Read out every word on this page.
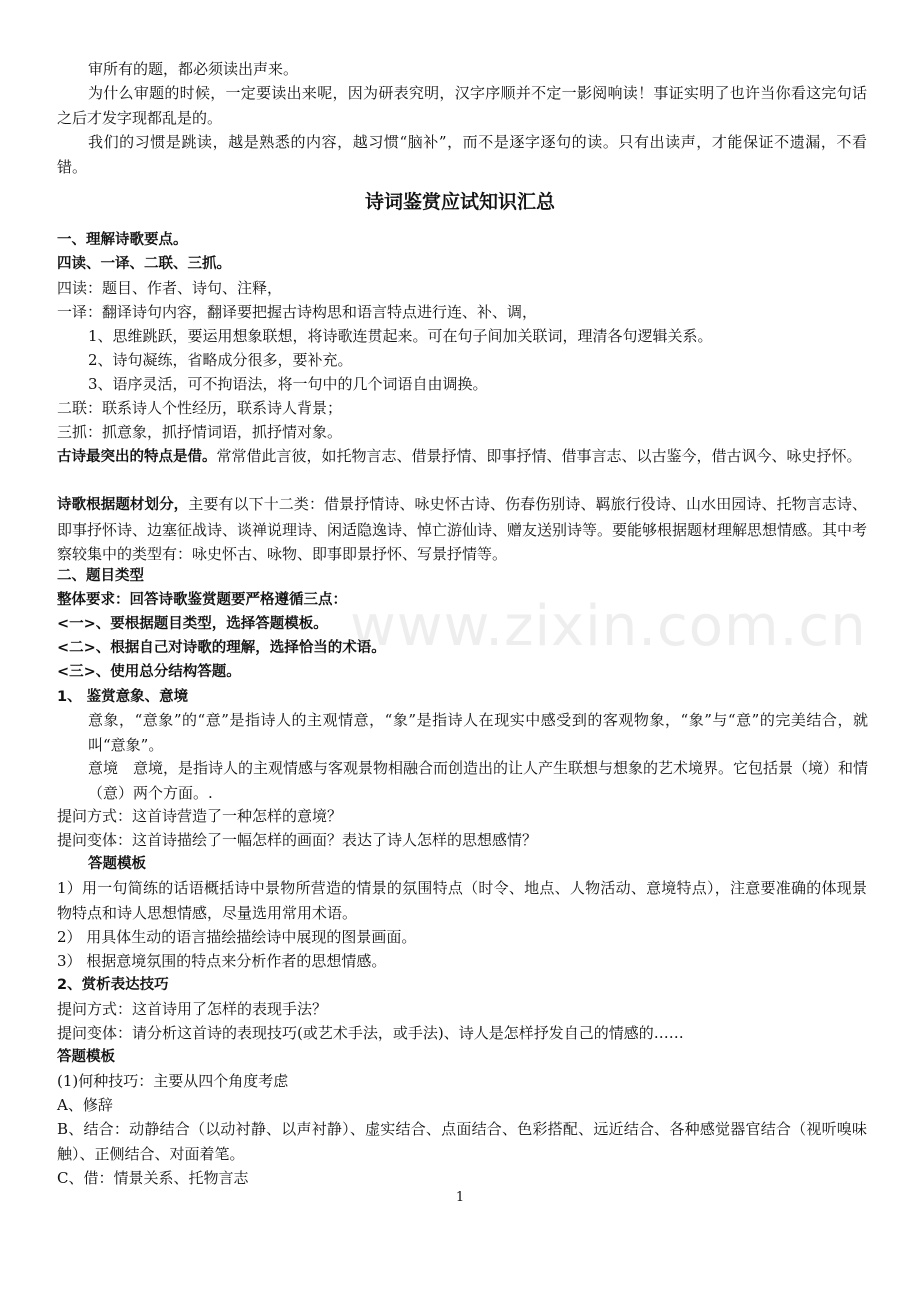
审所有的题，都必须读出声来。
为什么审题的时候，一定要读出来呢，因为研表究明，汉字序顺并不定一影阅响读！事证实明了也许当你看这完句话之后才发字现都乱是的。
我们的习惯是跳读，越是熟悉的内容，越习惯“脑补”，而不是逐字逐句的读。只有出读声，才能保证不遗漏，不看错。
诗词鉴赏应试知识汇总
一、理解诗歌要点。
四读、一译、二联、三抓。
四读：题目、作者、诗句、注释，
一译：翻译诗句内容，翻译要把握古诗构思和语言特点进行连、补、调，
1、思维跳跃，要运用想象联想，将诗歌连贯起来。可在句子间加关联词，理清各句逻辑关系。
2、诗句凝练，省略成分很多，要补充。
3、语序灵活，可不拘语法，将一句中的几个词语自由调换。
二联：联系诗人个性经历，联系诗人背景；
三抓：抓意象，抓抒情词语，抓抒情对象。
古诗最突出的特点是借。常常借此言彼，如托物言志、借景抒情、即事抒情、借事言志、以古鉴今，借古讽今、咏史抒怀。
诗歌根据题材划分，主要有以下十二类：借景抒情诗、咏史怀古诗、伤春伤别诗、羁旅行役诗、山水田园诗、托物言志诗、即事抒怀诗、边塞征战诗、谈禅说理诗、闲适隐逸诗、悼亡游仙诗、赠友送别诗等。要能够根据题材理解思想情感。其中考察较集中的类型有：咏史怀古、咏物、即事即景抒怀、写景抒情等。
二、题目类型
整体要求：回答诗歌鉴赏题要严格遵循三点：
<一>、要根据题目类型，选择答题模板。
<二>、根据自己对诗歌的理解，选择恰当的术语。
<三>、使用总分结构答题。
1、 鉴赏意象、意境
意象，“意象”的“意”是指诗人的主观情意，“象”是指诗人在现实中感受到的客观物象，“象”与“意”的完美结合，就叫“意象”。
意境　意境，是指诗人的主观情感与客观景物相融合而创造出的让人产生联想与想象的艺术境界。它包括景（境）和情（意）两个方面。.
提问方式：这首诗营造了一种怎样的意境？
提问变体：这首诗描绘了一幅怎样的画面？表达了诗人怎样的思想感情？
答题模板
1）用一句简练的话语概括诗中景物所营造的情景的氛围特点（时令、地点、人物活动、意境特点），注意要准确的体现景物特点和诗人思想情感，尽量选用常用术语。
2） 用具体生动的语言描绘描绘诗中展现的图景画面。
3） 根据意境氛围的特点来分析作者的思想情感。
2、赏析表达技巧
提问方式：这首诗用了怎样的表现手法？
提问变体：请分析这首诗的表现技巧(或艺术手法，或手法)、诗人是怎样抒发自己的情感的……
答题模板
(1)何种技巧：主要从四个角度考虑
A、修辞
B、结合：动静结合（以动衬静、以声衬静）、虚实结合、点面结合、色彩搭配、远近结合、各种感觉器官结合（视听嗅味触）、正侧结合、对面着笔。
C、借：情景关系、托物言志
www.zixin.com.cn
1
